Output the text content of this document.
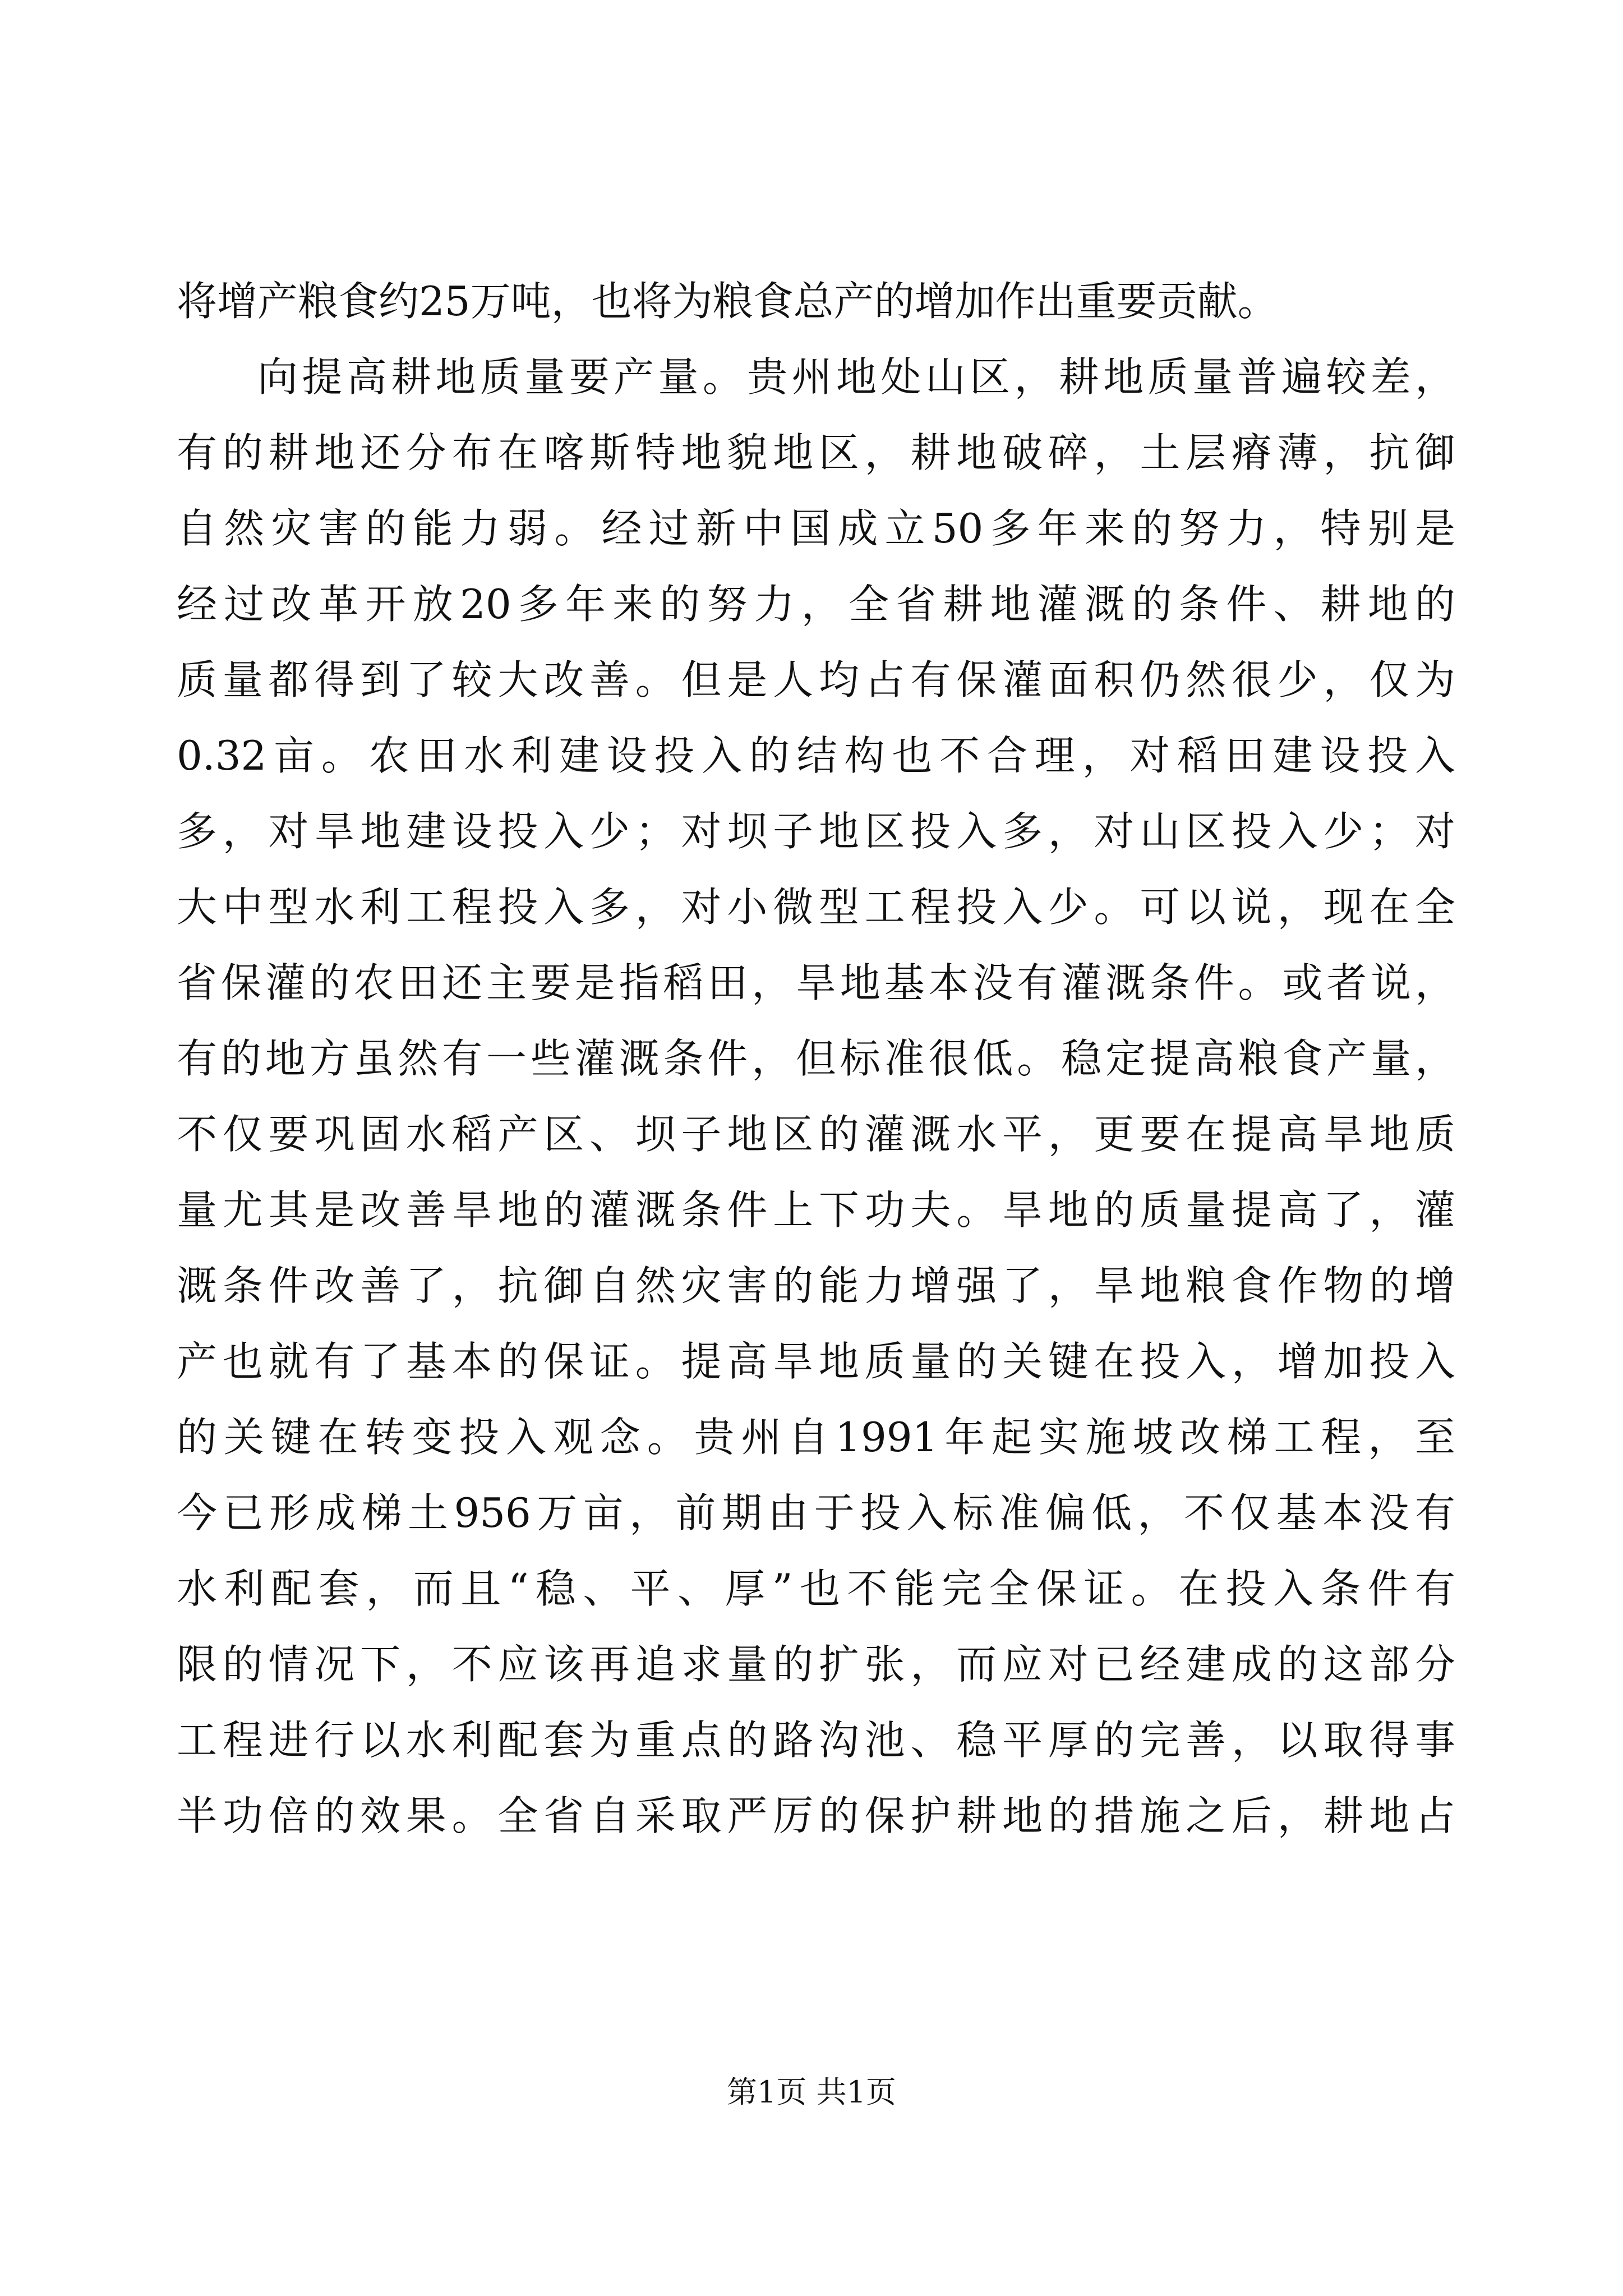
将增产粮食约25万吨，也将为粮食总产的增加作出重要贡献。
向提高耕地质量要产量。贵州地处山区，耕地质量普遍较差，
有的耕地还分布在喀斯特地貌地区，耕地破碎，土层瘠薄，抗御
自然灾害的能力弱。经过新中国成立50多年来的努力，特别是
经过改革开放20多年来的努力，全省耕地灌溉的条件、耕地的
质量都得到了较大改善。但是人均占有保灌面积仍然很少，仅为
0.32亩。农田水利建设投入的结构也不合理，对稻田建设投入
多，对旱地建设投入少；对坝子地区投入多，对山区投入少；对
大中型水利工程投入多，对小微型工程投入少。可以说，现在全
省保灌的农田还主要是指稻田，旱地基本没有灌溉条件。或者说，
有的地方虽然有一些灌溉条件，但标准很低。稳定提高粮食产量，
不仅要巩固水稻产区、坝子地区的灌溉水平，更要在提高旱地质
量尤其是改善旱地的灌溉条件上下功夫。旱地的质量提高了，灌
溉条件改善了，抗御自然灾害的能力增强了，旱地粮食作物的增
产也就有了基本的保证。提高旱地质量的关键在投入，增加投入
的关键在转变投入观念。贵州自1991年起实施坡改梯工程，至
今已形成梯土956万亩，前期由于投入标准偏低，不仅基本没有
水利配套，而且“稳、平、厚”也不能完全保证。在投入条件有
限的情况下，不应该再追求量的扩张，而应对已经建成的这部分
工程进行以水利配套为重点的路沟池、稳平厚的完善，以取得事
半功倍的效果。全省自采取严厉的保护耕地的措施之后，耕地占
第1页 共1页
